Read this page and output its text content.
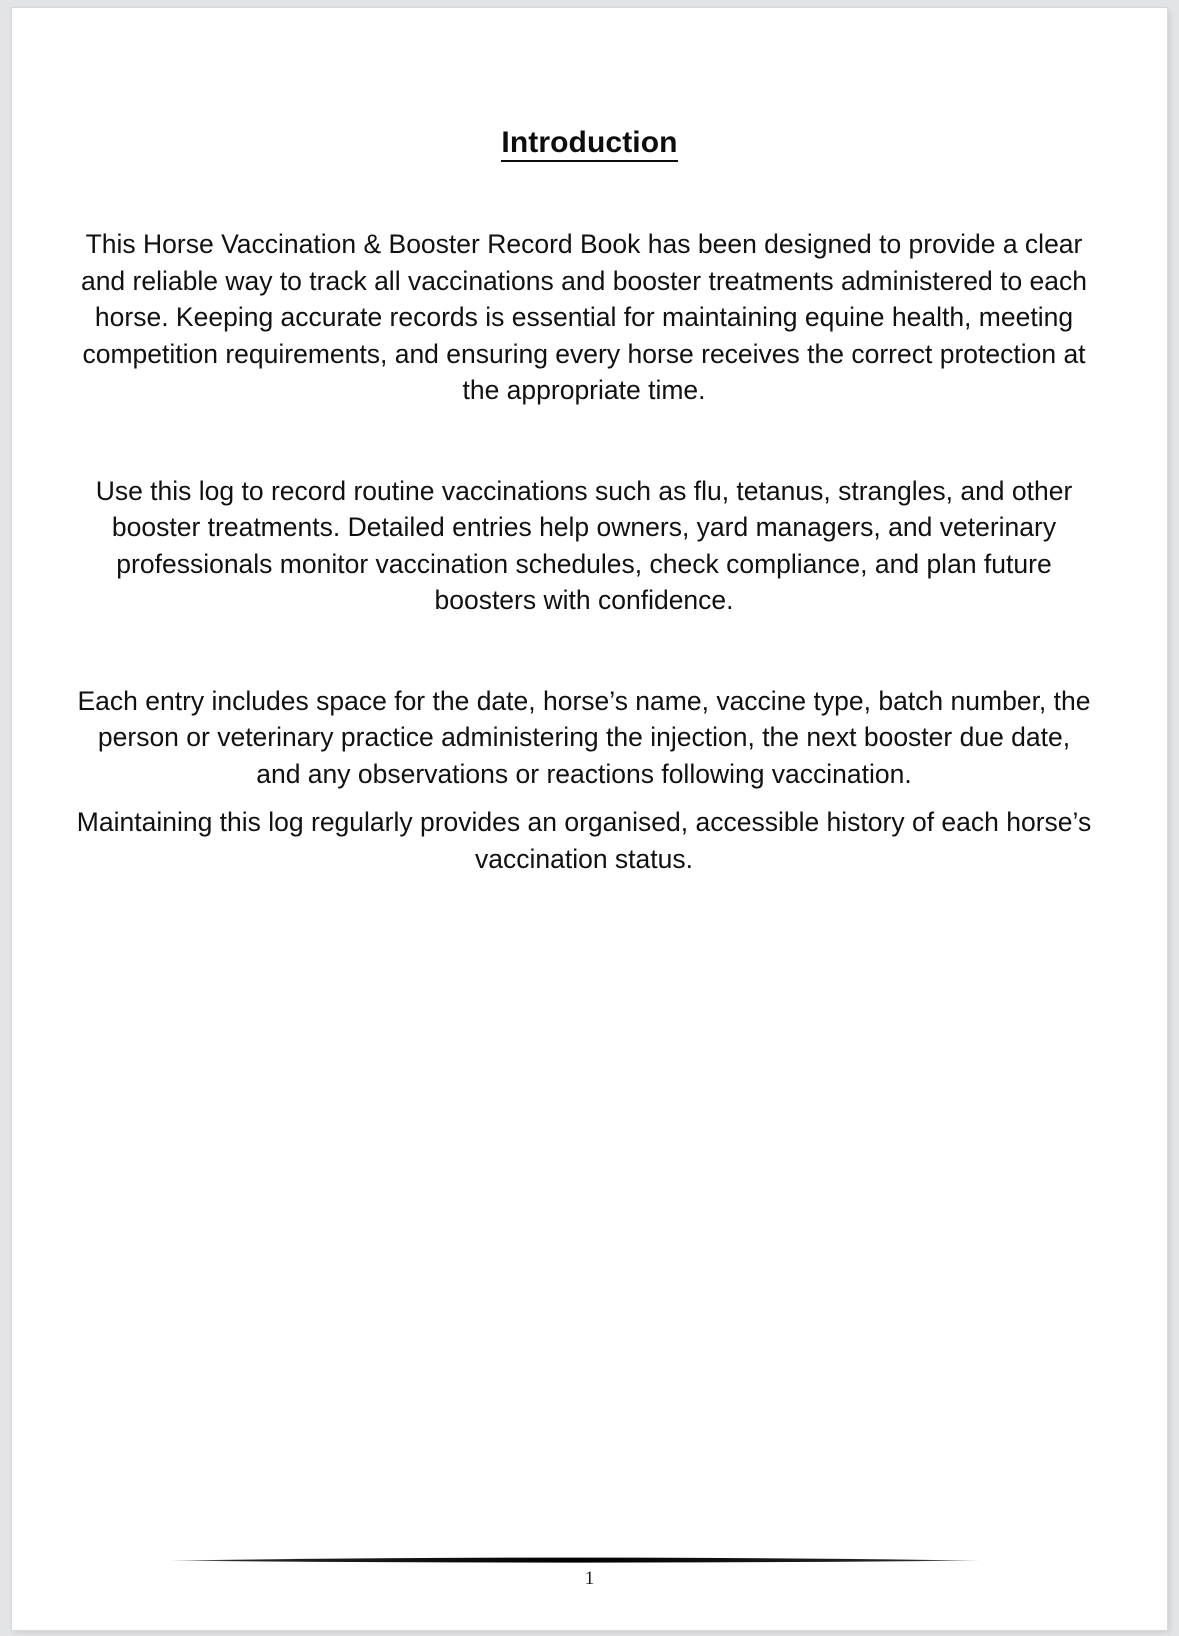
Introduction

This Horse Vaccination & Booster Record Book has been designed to provide a clear and reliable way to track all vaccinations and booster treatments administered to each horse. Keeping accurate records is essential for maintaining equine health, meeting competition requirements, and ensuring every horse receives the correct protection at the appropriate time.

Use this log to record routine vaccinations such as flu, tetanus, strangles, and other booster treatments. Detailed entries help owners, yard managers, and veterinary professionals monitor vaccination schedules, check compliance, and plan future boosters with confidence.

Each entry includes space for the date, horse’s name, vaccine type, batch number, the person or veterinary practice administering the injection, the next booster due date, and any observations or reactions following vaccination.

Maintaining this log regularly provides an organised, accessible history of each horse’s vaccination status.

1
